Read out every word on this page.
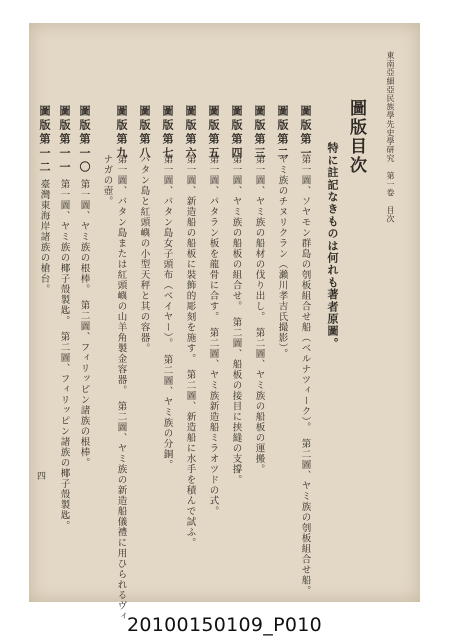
東南亞細亞民族學先史學研究　第一卷　目次
圖版目次
特に註記なきものは何れも著者原圖。
圖版第一
第一圖、ソヤモン群島の刳板組合せ船（ベルナツィーク）。　第二圖、ヤミ族の刳板組合せ船。
圖版第二
ヤミ族のチヌリクラン（瀨川孝吉氏撮影）。
圖版第三
第一圖、ヤミ族の船材の伐り出し。　第二圖、ヤミ族の船板の運搬。
圖版第四
第一圖、ヤミ族の船板の組合せ。　第二圖、船板の接目に挟縫の支撐。
圖版第五
第一圖、パタラン板を龍骨に合す。　第二圖、ヤミ族新造船ミラオツドの式。
圖版第六
第一圖、新造船の船板に裝飾的彫刻を施す。　第二圖、新造船に水手を積んで試ふ。
圖版第七
第一圖、バタン島女子頭布（ベイヤー）。　第二圖、ヤミ族の分銅。
圖版第八
バタン島と紅頭嶼の小型天秤と其の容器。
圖版第九
第一圖、バタン島または紅頭嶼の山羊角製金容器。　第二圖、ヤミ族の新造船儀禮に用ひられるヴィ
ナガの壺。
圖版第一〇
第一圖、ヤミ族の根棒。　第二圖、フィリッピン諸族の根棒。
圖版第一一
第一圖、ヤミ族の椰子殼製匙。　第二圖、フィリッピン諸族の椰子殼製匙。
圖版第一二
臺灣東海岸諸族の槍台。
四
20100150109_P010
